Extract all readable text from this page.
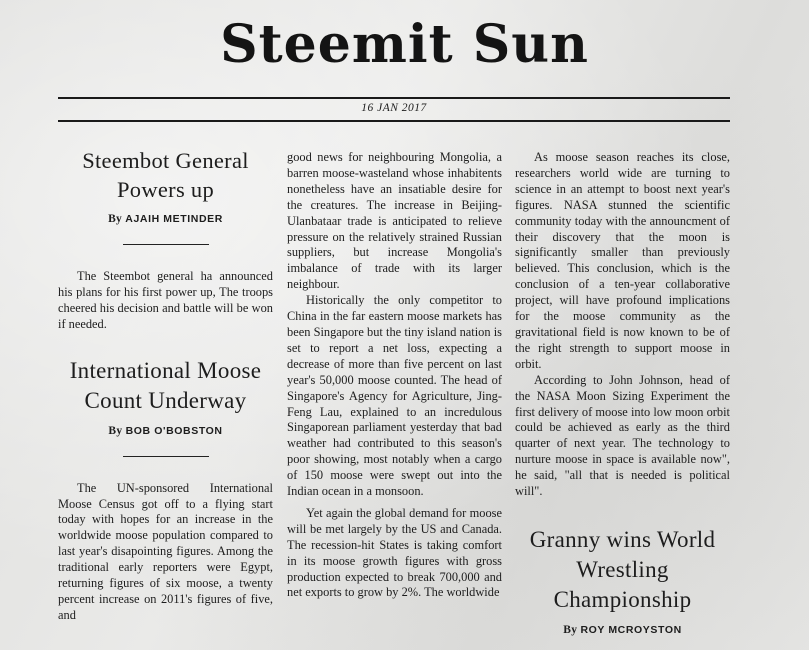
Steemit Sun
16 JAN 2017
Steembot General Powers up
By AJAIH METINDER

The Steembot general ha announced his plans for his first power up, The troops cheered his decision and battle will be won if needed.

International Moose Count Underway
By BOB O'BOBSTON

The UN-sponsored International Moose Census got off to a flying start today with hopes for an increase in the worldwide moose population compared to last year's disapointing figures. Among the traditional early reporters were Egypt, returning figures of six moose, a twenty percent increase on 2011's figures of five, and

good news for neighbouring Mongolia, a barren moose-wasteland whose inhabitents nonetheless have an insatiable desire for the creatures. The increase in Beijing-Ulanbataar trade is anticipated to relieve pressure on the relatively strained Russian suppliers, but increase Mongolia's imbalance of trade with its larger neighbour.

Historically the only competitor to China in the far eastern moose markets has been Singapore but the tiny island nation is set to report a net loss, expecting a decrease of more than five percent on last year's 50,000 moose counted. The head of Singapore's Agency for Agriculture, Jing-Feng Lau, explained to an incredulous Singaporean parliament yesterday that bad weather had contributed to this season's poor showing, most notably when a cargo of 150 moose were swept out into the Indian ocean in a monsoon.

Yet again the global demand for moose will be met largely by the US and Canada. The recession-hit States is taking comfort in its moose growth figures with gross production expected to break 700,000 and net exports to grow by 2%. The worldwide

As moose season reaches its close, researchers world wide are turning to science in an attempt to boost next year's figures. NASA stunned the scientific community today with the announcment of their discovery that the moon is significantly smaller than previously believed. This conclusion, which is the conclusion of a ten-year collaborative project, will have profound implications for the moose community as the gravitational field is now known to be of the right strength to support moose in orbit.

According to John Johnson, head of the NASA Moon Sizing Experiment the first delivery of moose into low moon orbit could be achieved as early as the third quarter of next year. The technology to nurture moose in space is available now", he said, "all that is needed is political will".

Granny wins World Wrestling Championship
By ROY MCROYSTON
